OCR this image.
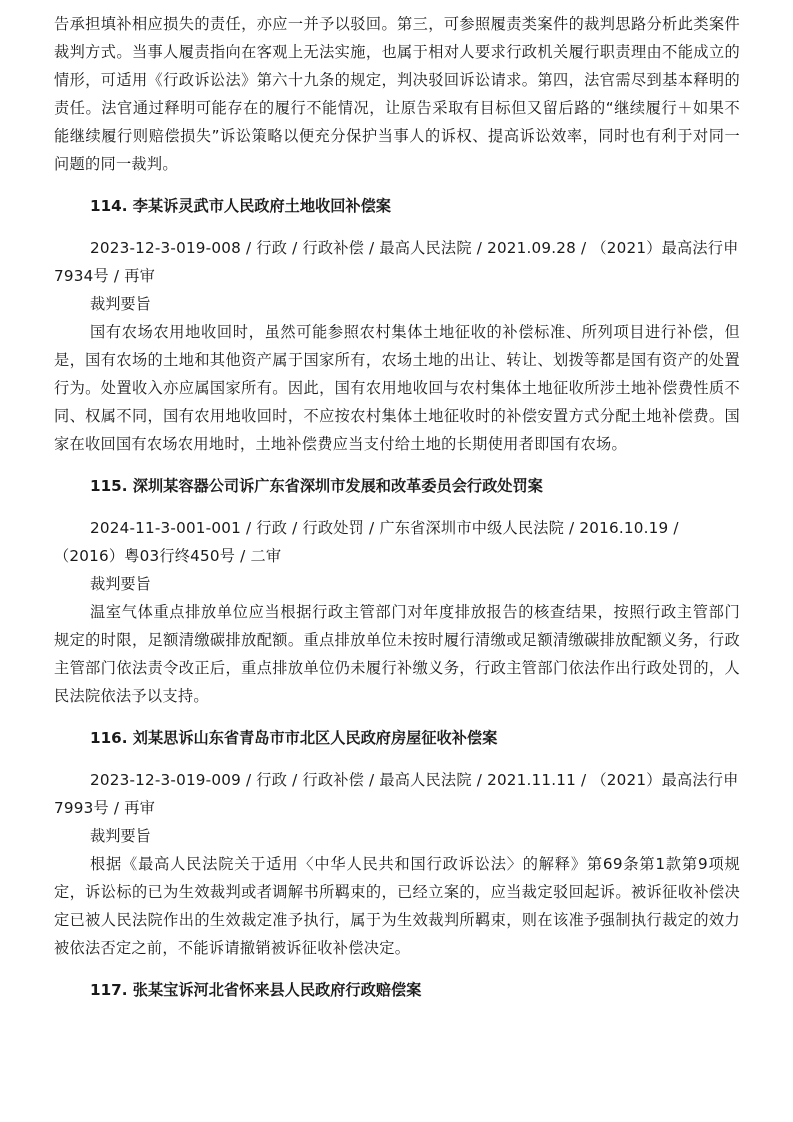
告承担填补相应损失的责任，亦应一并予以驳回。第三，可参照履责类案件的裁判思路分析此类案件裁判方式。当事人履责指向在客观上无法实施，也属于相对人要求行政机关履行职责理由不能成立的情形，可适用《行政诉讼法》第六十九条的规定，判决驳回诉讼请求。第四，法官需尽到基本释明的责任。法官通过释明可能存在的履行不能情况，让原告采取有目标但又留后路的“继续履行＋如果不能继续履行则赔偿损失”诉讼策略以便充分保护当事人的诉权、提高诉讼效率，同时也有利于对同一问题的同一裁判。

114. 李某诉灵武市人民政府土地收回补偿案

2023-12-3-019-008 / 行政 / 行政补偿 / 最高人民法院 / 2021.09.28 / （2021）最高法行申7934号 / 再审

裁判要旨

国有农场农用地收回时，虽然可能参照农村集体土地征收的补偿标准、所列项目进行补偿，但是，国有农场的土地和其他资产属于国家所有，农场土地的出让、转让、划拨等都是国有资产的处置行为。处置收入亦应属国家所有。因此，国有农用地收回与农村集体土地征收所涉土地补偿费性质不同、权属不同，国有农用地收回时，不应按农村集体土地征收时的补偿安置方式分配土地补偿费。国家在收回国有农场农用地时，土地补偿费应当支付给土地的长期使用者即国有农场。

115. 深圳某容器公司诉广东省深圳市发展和改革委员会行政处罚案

2024-11-3-001-001 / 行政 / 行政处罚 / 广东省深圳市中级人民法院 / 2016.10.19 / （2016）粤03行终450号 / 二审

裁判要旨

温室气体重点排放单位应当根据行政主管部门对年度排放报告的核查结果，按照行政主管部门规定的时限，足额清缴碳排放配额。重点排放单位未按时履行清缴或足额清缴碳排放配额义务，行政主管部门依法责令改正后，重点排放单位仍未履行补缴义务，行政主管部门依法作出行政处罚的，人民法院依法予以支持。

116. 刘某思诉山东省青岛市市北区人民政府房屋征收补偿案

2023-12-3-019-009 / 行政 / 行政补偿 / 最高人民法院 / 2021.11.11 / （2021）最高法行申7993号 / 再审

裁判要旨

根据《最高人民法院关于适用〈中华人民共和国行政诉讼法〉的解释》第69条第1款第9项规定，诉讼标的已为生效裁判或者调解书所羁束的，已经立案的，应当裁定驳回起诉。被诉征收补偿决定已被人民法院作出的生效裁定准予执行，属于为生效裁判所羁束，则在该准予强制执行裁定的效力被依法否定之前，不能诉请撤销被诉征收补偿决定。

117. 张某宝诉河北省怀来县人民政府行政赔偿案
